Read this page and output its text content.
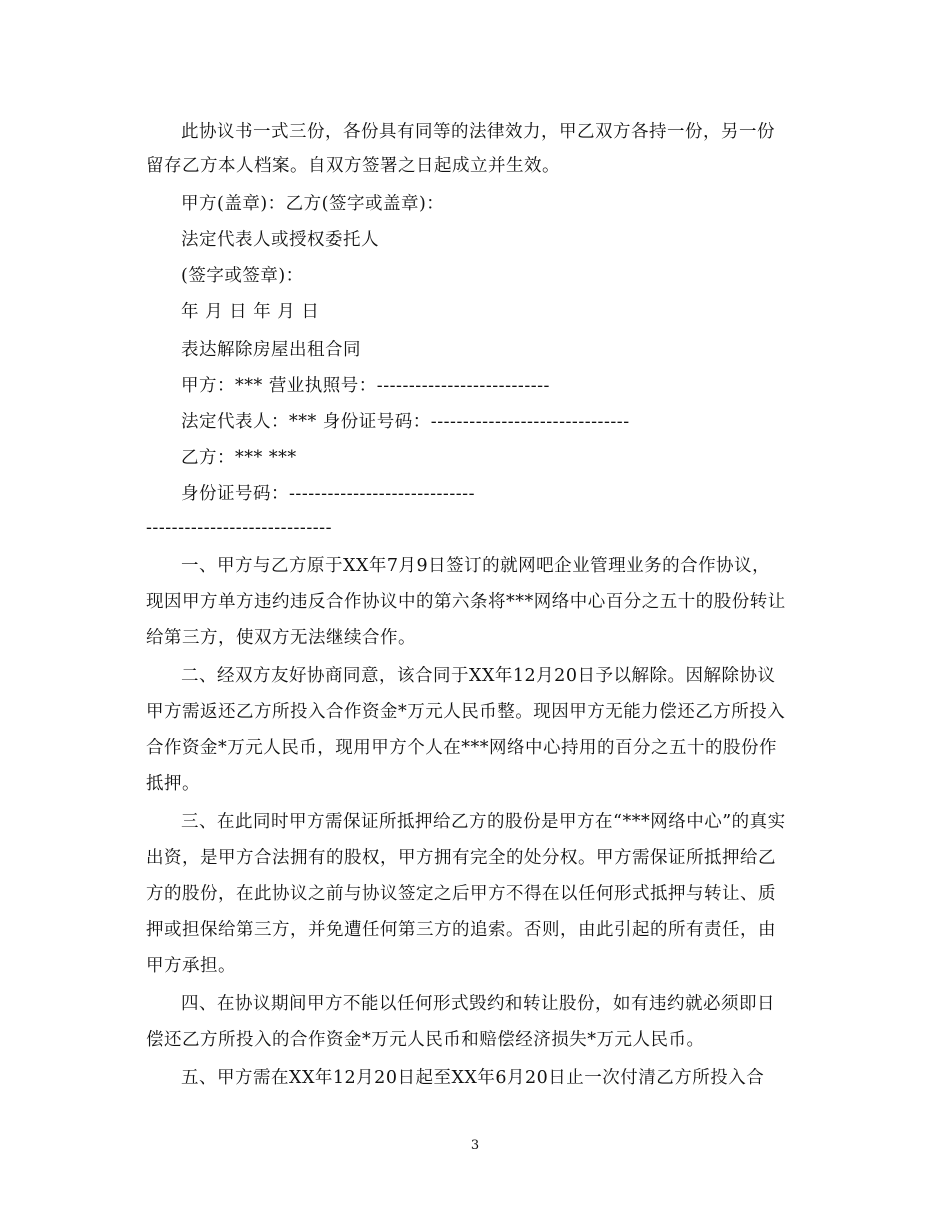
此协议书一式三份，各份具有同等的法律效力，甲乙双方各持一份，另一份
留存乙方本人档案。自双方签署之日起成立并生效。
甲方(盖章)：乙方(签字或盖章)：
法定代表人或授权委托人
(签字或签章)：
年 月 日 年 月 日
表达解除房屋出租合同
甲方：*** 营业执照号：---------------------------
法定代表人：*** 身份证号码：-------------------------------
乙方：*** ***
身份证号码：-----------------------------
-----------------------------
一、甲方与乙方原于XX年7月9日签订的就网吧企业管理业务的合作协议，
现因甲方单方违约违反合作协议中的第六条将***网络中心百分之五十的股份转让
给第三方，使双方无法继续合作。
二、经双方友好协商同意，该合同于XX年12月20日予以解除。因解除协议
甲方需返还乙方所投入合作资金*万元人民币整。现因甲方无能力偿还乙方所投入
合作资金*万元人民币，现用甲方个人在***网络中心持用的百分之五十的股份作
抵押。
三、在此同时甲方需保证所抵押给乙方的股份是甲方在“***网络中心”的真实
出资，是甲方合法拥有的股权，甲方拥有完全的处分权。甲方需保证所抵押给乙
方的股份，在此协议之前与协议签定之后甲方不得在以任何形式抵押与转让、质
押或担保给第三方，并免遭任何第三方的追索。否则，由此引起的所有责任，由
甲方承担。
四、在协议期间甲方不能以任何形式毁约和转让股份，如有违约就必须即日
偿还乙方所投入的合作资金*万元人民币和赔偿经济损失*万元人民币。
五、甲方需在XX年12月20日起至XX年6月20日止一次付清乙方所投入合
3
